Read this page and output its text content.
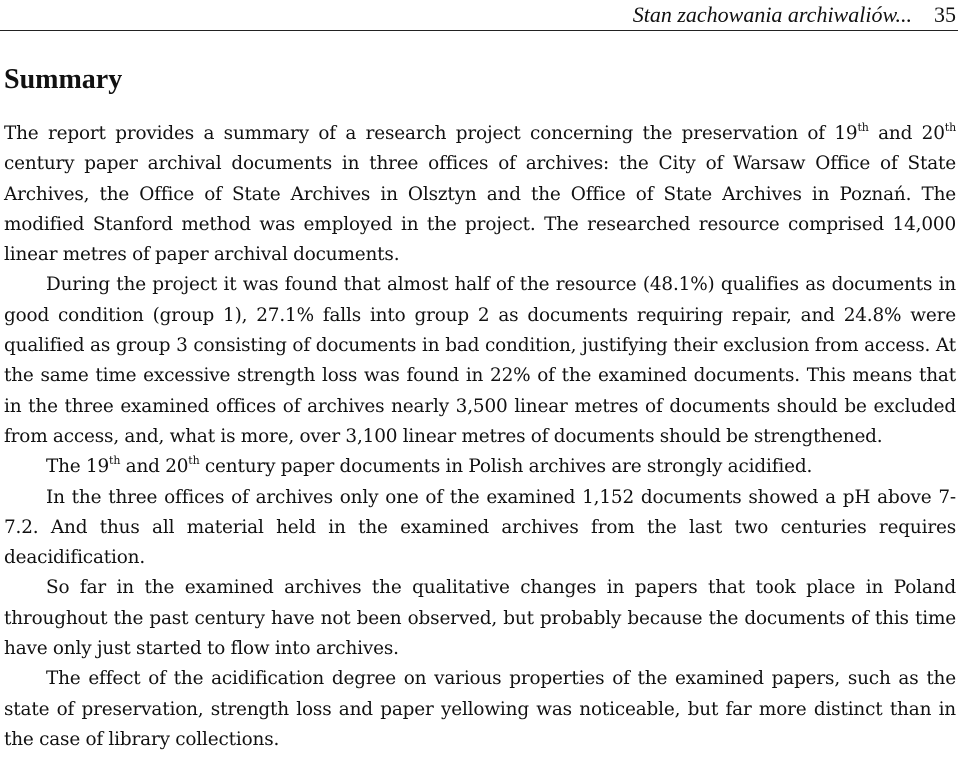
Stan zachowania archiwaliów... 35
Summary

The report provides a summary of a research project concerning the preservation of 19th and 20th century paper archival documents in three offices of archives: the City of Warsaw Office of State Archives, the Office of State Archives in Olsztyn and the Office of State Archives in Poznań. The modified Stanford method was employed in the project. The researched resource comprised 14,000 linear metres of paper archival documents.

During the project it was found that almost half of the resource (48.1%) qualifies as documents in good condition (group 1), 27.1% falls into group 2 as documents requiring repair, and 24.8% were qualified as group 3 consisting of documents in bad condition, justifying their exclusion from access. At the same time excessive strength loss was found in 22% of the examined documents. This means that in the three examined offices of archives nearly 3,500 linear metres of documents should be excluded from access, and, what is more, over 3,100 linear metres of documents should be strengthened.

The 19th and 20th century paper documents in Polish archives are strongly acidified.

In the three offices of archives only one of the examined 1,152 documents showed a pH above 7-7.2. And thus all material held in the examined archives from the last two centuries requires deacidification.

So far in the examined archives the qualitative changes in papers that took place in Poland throughout the past century have not been observed, but probably because the documents of this time have only just started to flow into archives.

The effect of the acidification degree on various properties of the examined papers, such as the state of preservation, strength loss and paper yellowing was noticeable, but far more distinct than in the case of library collections.
